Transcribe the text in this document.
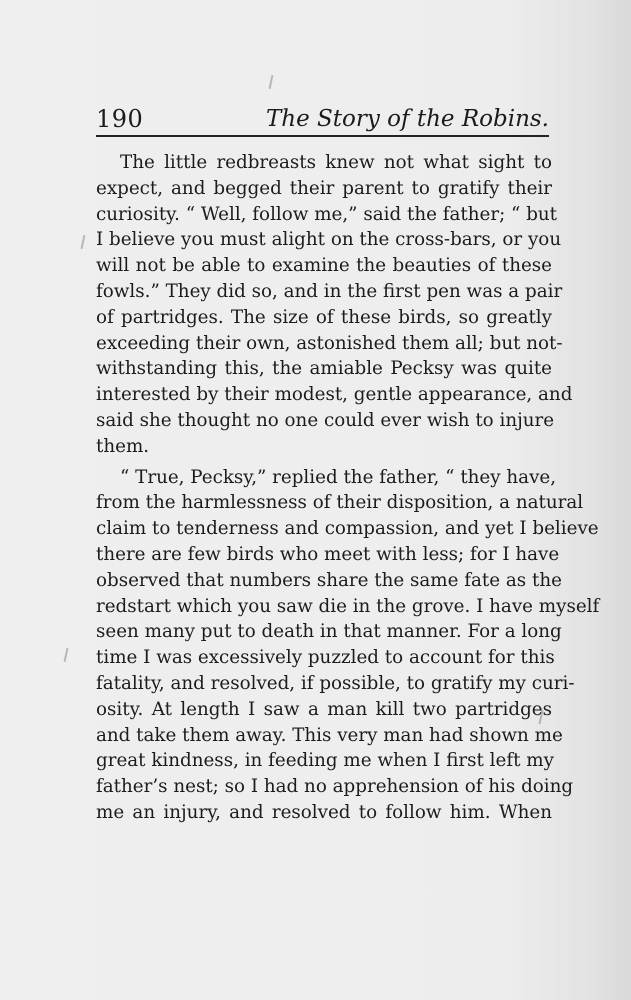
190	The Story of the Robins.
The little redbreasts knew not what sight to
expect, and begged their parent to gratify their
curiosity. “ Well, follow me,” said the father; “ but
I believe you must alight on the cross-bars, or you
will not be able to examine the beauties of these
fowls.” They did so, and in the first pen was a pair
of partridges. The size of these birds, so greatly
exceeding their own, astonished them all; but not-
withstanding this, the amiable Pecksy was quite
interested by their modest, gentle appearance, and
said she thought no one could ever wish to injure
them.
“ True, Pecksy,” replied the father, “ they have,
from the harmlessness of their disposition, a natural
claim to tenderness and compassion, and yet I believe
there are few birds who meet with less; for I have
observed that numbers share the same fate as the
redstart which you saw die in the grove. I have myself
seen many put to death in that manner. For a long
time I was excessively puzzled to account for this
fatality, and resolved, if possible, to gratify my curi-
osity. At length I saw a man kill two partridges
and take them away. This very man had shown me
great kindness, in feeding me when I first left my
father’s nest; so I had no apprehension of his doing
me an injury, and resolved to follow him. When
